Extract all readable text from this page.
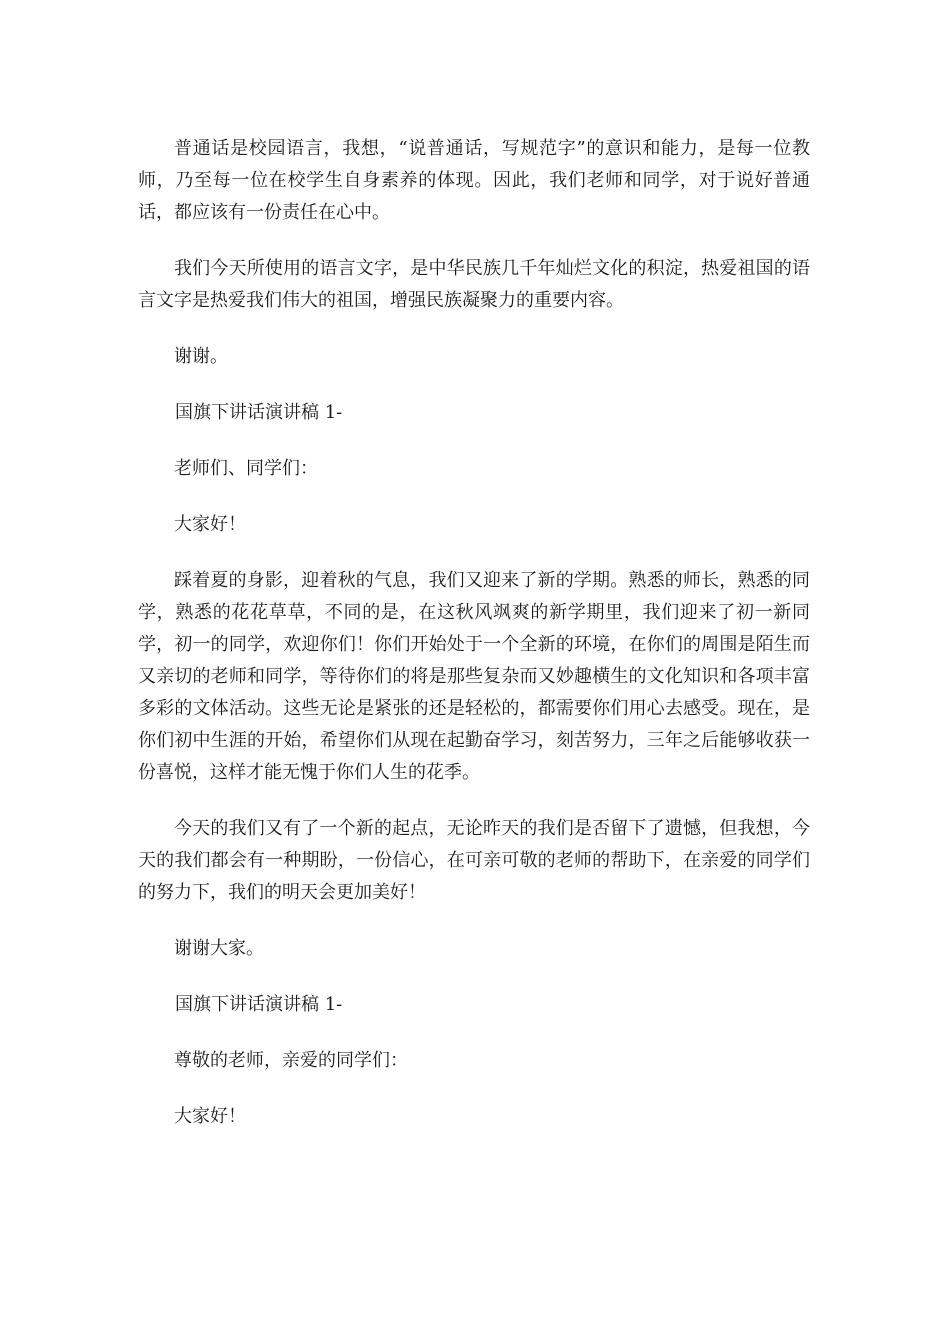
普通话是校园语言，我想，“说普通话，写规范字”的意识和能力，是每一位教师，乃至每一位在校学生自身素养的体现。因此，我们老师和同学，对于说好普通话，都应该有一份责任在心中。

我们今天所使用的语言文字，是中华民族几千年灿烂文化的积淀，热爱祖国的语言文字是热爱我们伟大的祖国，增强民族凝聚力的重要内容。

谢谢。

国旗下讲话演讲稿 1-

老师们、同学们：

大家好！

踩着夏的身影，迎着秋的气息，我们又迎来了新的学期。熟悉的师长，熟悉的同学，熟悉的花花草草，不同的是，在这秋风飒爽的新学期里，我们迎来了初一新同学，初一的同学，欢迎你们！你们开始处于一个全新的环境，在你们的周围是陌生而又亲切的老师和同学，等待你们的将是那些复杂而又妙趣横生的文化知识和各项丰富多彩的文体活动。这些无论是紧张的还是轻松的，都需要你们用心去感受。现在，是你们初中生涯的开始，希望你们从现在起勤奋学习，刻苦努力，三年之后能够收获一份喜悦，这样才能无愧于你们人生的花季。

今天的我们又有了一个新的起点，无论昨天的我们是否留下了遗憾，但我想，今天的我们都会有一种期盼，一份信心，在可亲可敬的老师的帮助下，在亲爱的同学们的努力下，我们的明天会更加美好！

谢谢大家。

国旗下讲话演讲稿 1-

尊敬的老师，亲爱的同学们：

大家好！
